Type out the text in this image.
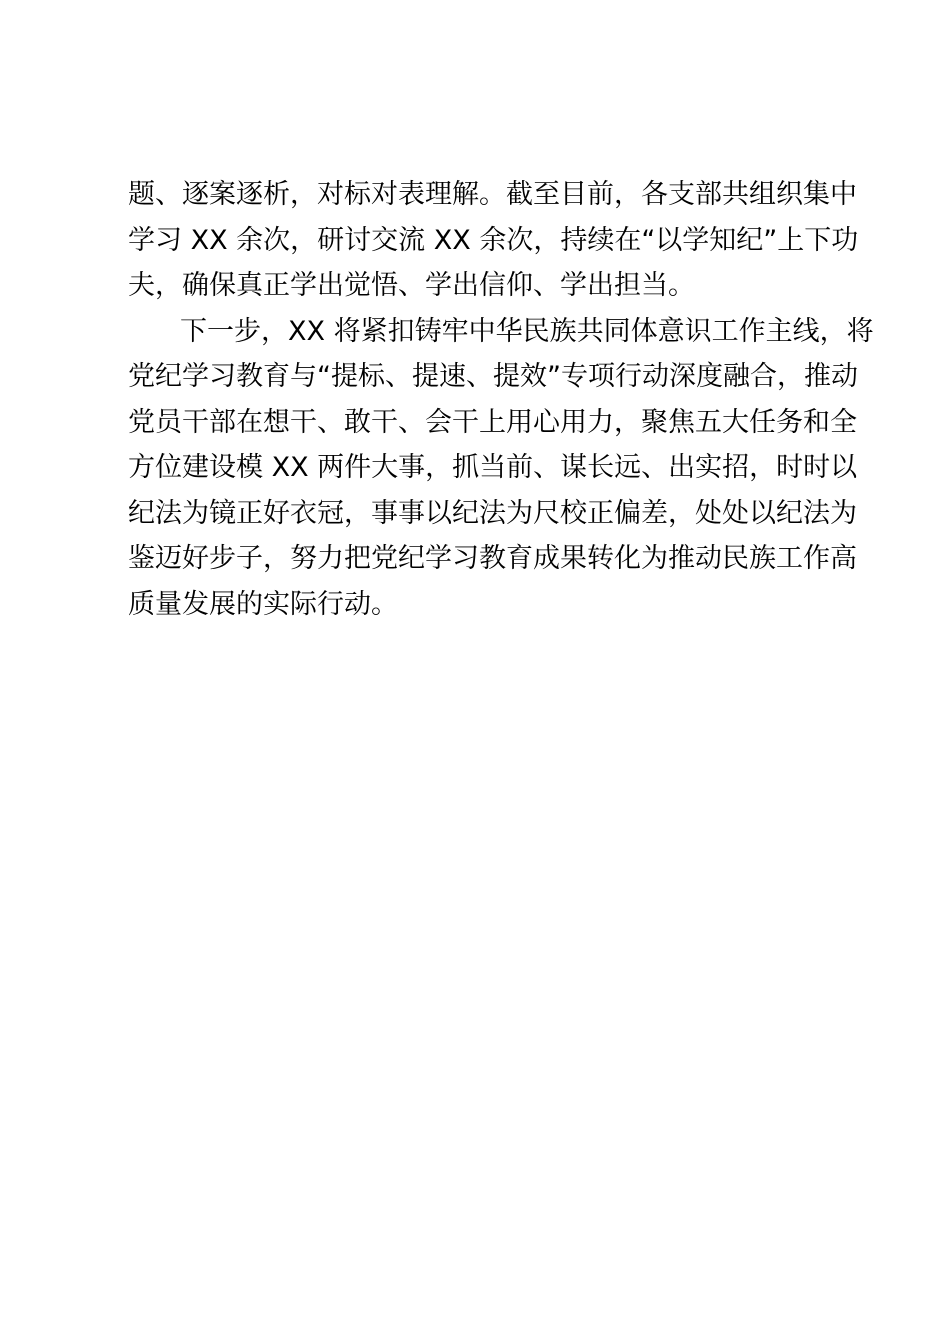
题、逐案逐析，对标对表理解。截至目前，各支部共组织集中
学习 XX 余次，研讨交流 XX 余次，持续在“以学知纪”上下功
夫，确保真正学出觉悟、学出信仰、学出担当。
下一步，XX 将紧扣铸牢中华民族共同体意识工作主线，将
党纪学习教育与“提标、提速、提效”专项行动深度融合，推动
党员干部在想干、敢干、会干上用心用力，聚焦五大任务和全
方位建设模 XX 两件大事，抓当前、谋长远、出实招，时时以
纪法为镜正好衣冠，事事以纪法为尺校正偏差，处处以纪法为
鉴迈好步子，努力把党纪学习教育成果转化为推动民族工作高
质量发展的实际行动。
